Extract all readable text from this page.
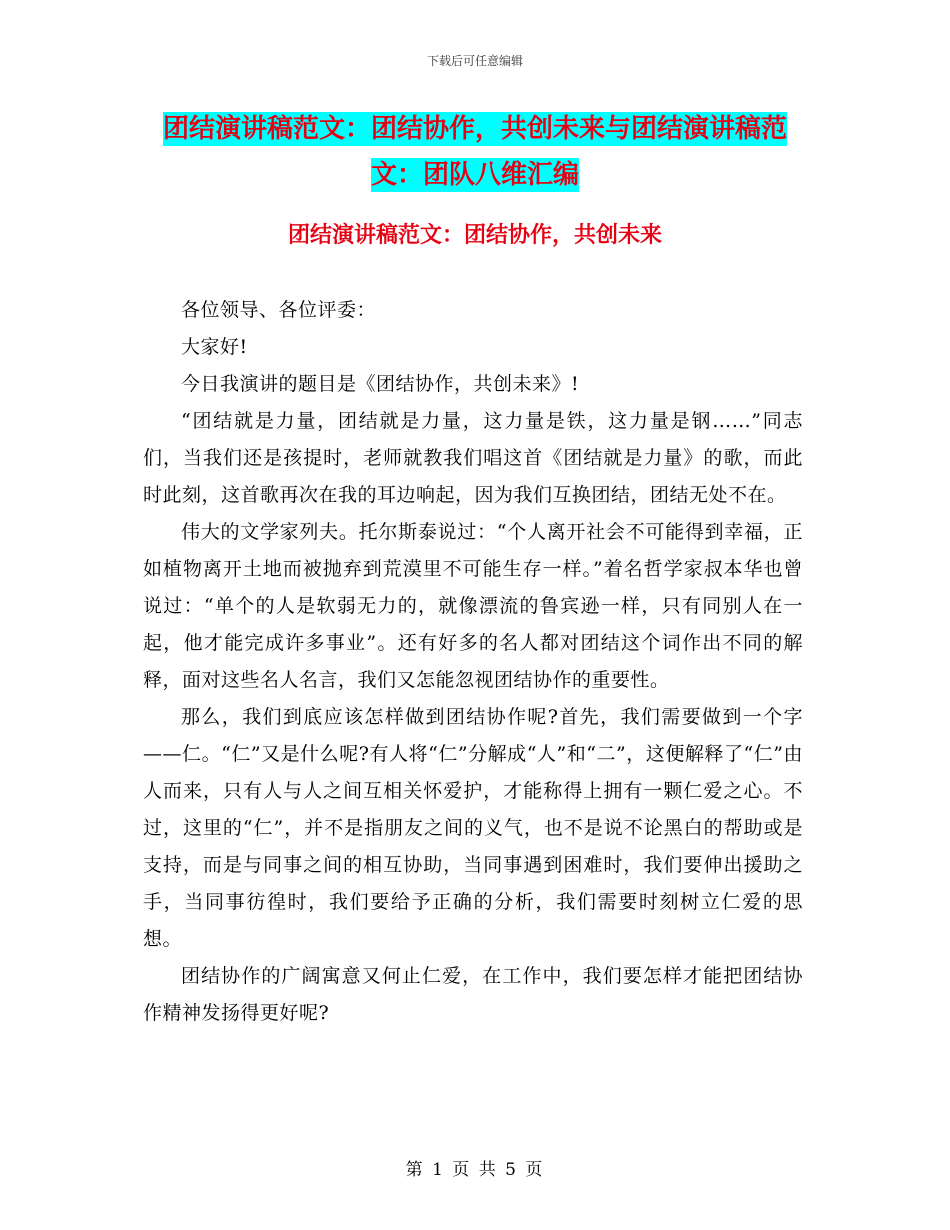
下载后可任意编辑
团结演讲稿范文：团结协作，共创未来与团结演讲稿范文：团队八维汇编
团结演讲稿范文：团结协作，共创未来

各位领导、各位评委：

大家好!

今日我演讲的题目是《团结协作，共创未来》!

“团结就是力量，团结就是力量，这力量是铁，这力量是钢……”同志们，当我们还是孩提时，老师就教我们唱这首《团结就是力量》的歌，而此时此刻，这首歌再次在我的耳边响起，因为我们互换团结，团结无处不在。

伟大的文学家列夫。托尔斯泰说过：“个人离开社会不可能得到幸福，正如植物离开土地而被抛弃到荒漠里不可能生存一样。”着名哲学家叔本华也曾说过：“单个的人是软弱无力的，就像漂流的鲁宾逊一样，只有同别人在一起，他才能完成许多事业”。还有好多的名人都对团结这个词作出不同的解释，面对这些名人名言，我们又怎能忽视团结协作的重要性。

那么，我们到底应该怎样做到团结协作呢?首先，我们需要做到一个字——仁。“仁”又是什么呢?有人将“仁”分解成“人”和“二”，这便解释了“仁”由人而来，只有人与人之间互相关怀爱护，才能称得上拥有一颗仁爱之心。不过，这里的“仁”，并不是指朋友之间的义气，也不是说不论黑白的帮助或是支持，而是与同事之间的相互协助，当同事遇到困难时，我们要伸出援助之手，当同事彷徨时，我们要给予正确的分析，我们需要时刻树立仁爱的思想。

团结协作的广阔寓意又何止仁爱，在工作中，我们要怎样才能把团结协作精神发扬得更好呢?

第 1 页 共 5 页
